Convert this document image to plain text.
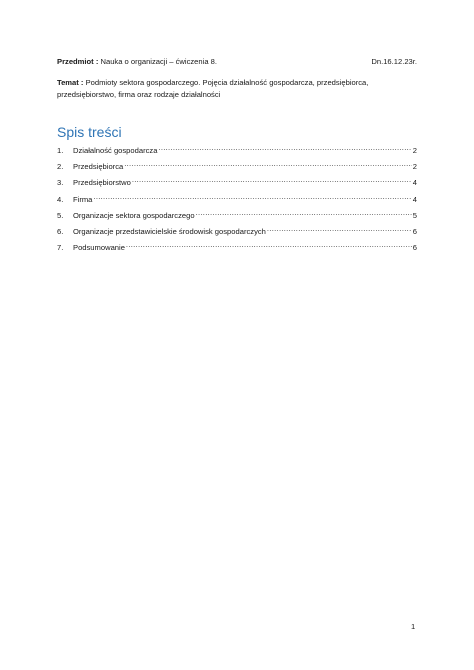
Przedmiot : Nauka o organizacji – ćwiczenia 8.	Dn.16.12.23r.
Temat : Podmioty sektora gospodarczego. Pojęcia działalność gospodarcza, przedsiębiorca, przedsiębiorstwo, firma oraz rodzaje działalności
Spis treści
1.	Działalność gospodarcza .....	2
2.	Przedsiębiorca .....	2
3.	Przedsiębiorstwo .....	4
4.	Firma .....	4
5.	Organizacje sektora gospodarczego .....	5
6.	Organizacje przedstawicielskie środowisk gospodarczych .....	6
7.	Podsumowanie .....	6
1
